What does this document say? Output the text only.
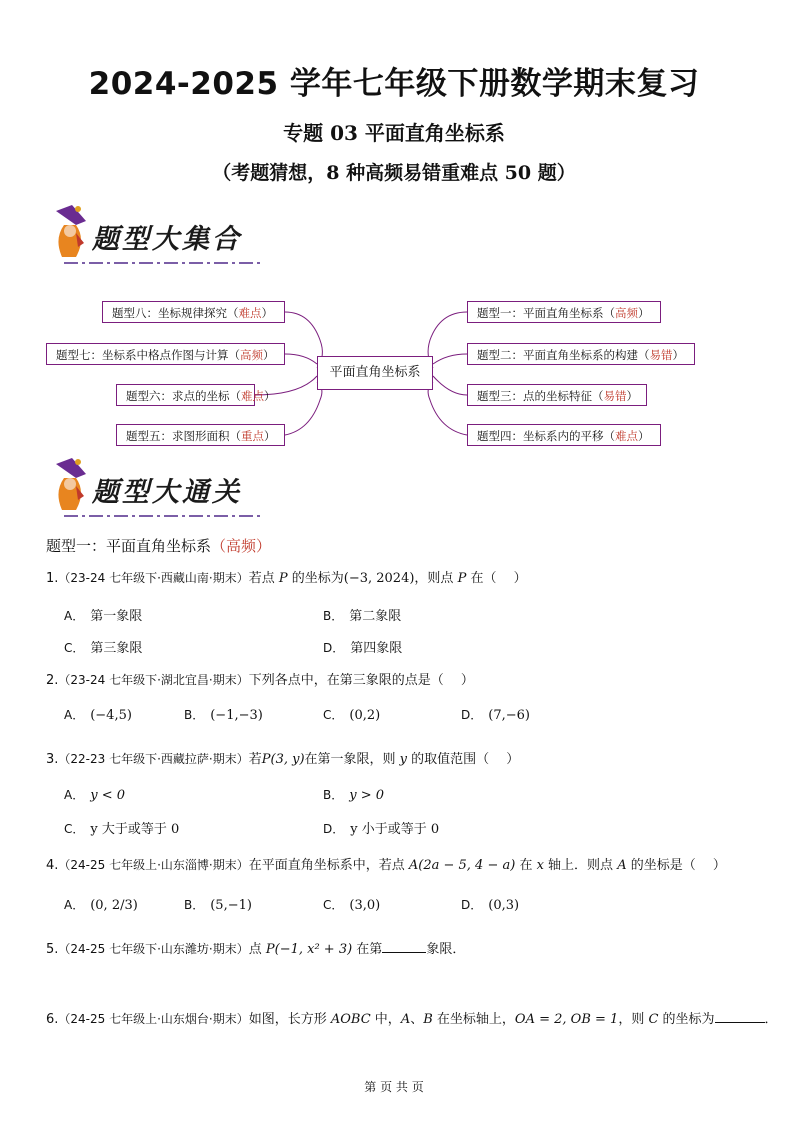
2024-2025 学年七年级下册数学期末复习
专题 03 平面直角坐标系
（考题猜想，8 种高频易错重难点 50 题）
题型大集合
题型八：坐标规律探究（难点）
题型七：坐标系中格点作图与计算（高频）
题型六：求点的坐标（难点）
题型五：求图形面积（重点）
平面直角坐标系
题型一：平面直角坐标系（高频）
题型二：平面直角坐标系的构建（易错）
题型三：点的坐标特征（易错）
题型四：坐标系内的平移（难点）
题型大通关
题型一：平面直角坐标系（高频）
1.（23-24 七年级下·西藏山南·期末）若点 P 的坐标为(−3, 2024)，则点 P 在（　 ）
A． 第一象限	B． 第二象限
C． 第三象限	D． 第四象限
2.（23-24 七年级下·湖北宜昌·期末）下列各点中，在第三象限的点是（　 ）
A． (−4,5)	B． (−1,−3)	C． (0,2)	D． (7,−6)
3.（22-23 七年级下·西藏拉萨·期末）若P(3, y)在第一象限，则 y 的取值范围（　 ）
A． y < 0	B． y > 0
C． y 大于或等于 0	D． y 小于或等于 0
4.（24-25 七年级上·山东淄博·期末）在平面直角坐标系中，若点 A(2a − 5, 4 − a) 在 x 轴上．则点 A 的坐标是（　 ）
A． (0, 2/3)	B． (5,−1)	C． (3,0)	D． (0,3)
5.（24-25 七年级下·山东潍坊·期末）点 P(−1, x² + 3) 在第	象限．
6.（24-25 七年级上·山东烟台·期末）如图，长方形 AOBC 中，A、B 在坐标轴上，OA = 2, OB = 1，则 C 的坐标为	．
第 页 共 页
